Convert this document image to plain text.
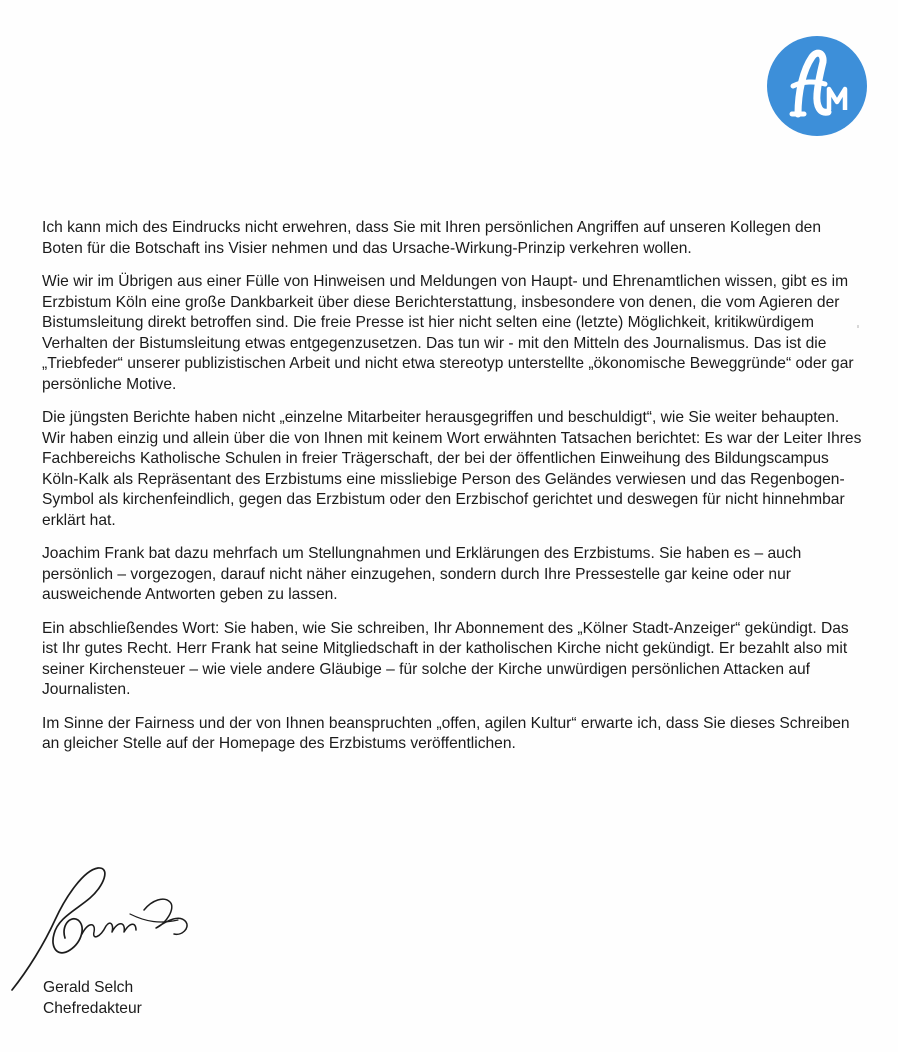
Ich kann mich des Eindrucks nicht erwehren, dass Sie mit Ihren persönlichen Angriffen auf unseren Kollegen den Boten für die Botschaft ins Visier nehmen und das Ursache-Wirkung-Prinzip verkehren wollen.

Wie wir im Übrigen aus einer Fülle von Hinweisen und Meldungen von Haupt- und Ehrenamtlichen wissen, gibt es im Erzbistum Köln eine große Dankbarkeit über diese Berichterstattung, insbesondere von denen, die vom Agieren der Bistumsleitung direkt betroffen sind. Die freie Presse ist hier nicht selten eine (letzte) Möglichkeit, kritikwürdigem Verhalten der Bistumsleitung etwas entgegenzusetzen. Das tun wir - mit den Mitteln des Journalismus. Das ist die „Triebfeder“ unserer publizistischen Arbeit und nicht etwa stereotyp unterstellte „ökonomische Beweggründe“ oder gar persönliche Motive.

Die jüngsten Berichte haben nicht „einzelne Mitarbeiter herausgegriffen und beschuldigt“, wie Sie weiter behaupten. Wir haben einzig und allein über die von Ihnen mit keinem Wort erwähnten Tatsachen berichtet: Es war der Leiter Ihres Fachbereichs Katholische Schulen in freier Trägerschaft, der bei der öffentlichen Einweihung des Bildungscampus Köln-Kalk als Repräsentant des Erzbistums eine missliebige Person des Geländes verwiesen und das Regenbogen-Symbol als kirchenfeindlich, gegen das Erzbistum oder den Erzbischof gerichtet und deswegen für nicht hinnehmbar erklärt hat.

Joachim Frank bat dazu mehrfach um Stellungnahmen und Erklärungen des Erzbistums. Sie haben es – auch persönlich – vorgezogen, darauf nicht näher einzugehen, sondern durch Ihre Pressestelle gar keine oder nur ausweichende Antworten geben zu lassen.

Ein abschließendes Wort: Sie haben, wie Sie schreiben, Ihr Abonnement des „Kölner Stadt-Anzeiger“ gekündigt. Das ist Ihr gutes Recht. Herr Frank hat seine Mitgliedschaft in der katholischen Kirche nicht gekündigt. Er bezahlt also mit seiner Kirchensteuer – wie viele andere Gläubige – für solche der Kirche unwürdigen persönlichen Attacken auf Journalisten.

Im Sinne der Fairness und der von Ihnen beanspruchten „offen, agilen Kultur“ erwarte ich, dass Sie dieses Schreiben an gleicher Stelle auf der Homepage des Erzbistums veröffentlichen.

Gerald Selch
Chefredakteur
